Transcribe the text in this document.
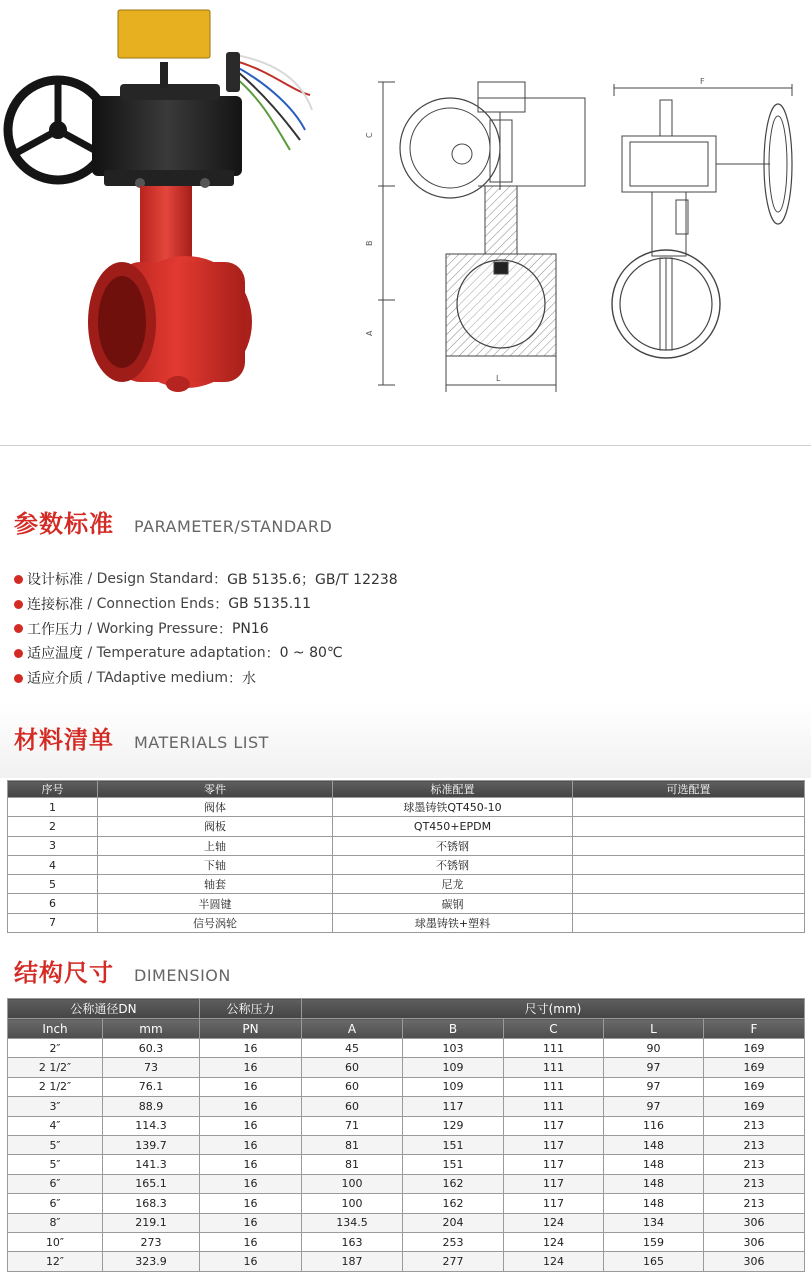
C
B
A
L
F
参数标准 PARAMETER/STANDARD
设计标准 / Design Standard ： GB 5135.6；GB/T 12238
连接标准 / Connection Ends ： GB 5135.11
工作压力 / Working Pressure ： PN16
适应温度 / Temperature adaptation ： 0 ~ 80℃
适应介质 / TAdaptive medium ： 水
材料清单 MATERIALS LIST
序号	零件	标准配置	可选配置
1	阀体	球墨铸铁QT450-10	
2	阀板	QT450+EPDM	
3	上轴	不锈钢	
4	下轴	不锈钢	
5	轴套	尼龙	
6	半圆键	碳钢	
7	信号涡轮	球墨铸铁+塑料	
结构尺寸 DIMENSION
公称通径DN		公称压力	尺寸(mm)				
Inch	mm	PN	A	B	C	L	F
2″	60.3	16	45	103	111	90	169
2 1/2″	73	16	60	109	111	97	169
2 1/2″	76.1	16	60	109	111	97	169
3″	88.9	16	60	117	111	97	169
4″	114.3	16	71	129	117	116	213
5″	139.7	16	81	151	117	148	213
5″	141.3	16	81	151	117	148	213
6″	165.1	16	100	162	117	148	213
6″	168.3	16	100	162	117	148	213
8″	219.1	16	134.5	204	124	134	306
10″	273	16	163	253	124	159	306
12″	323.9	16	187	277	124	165	306
